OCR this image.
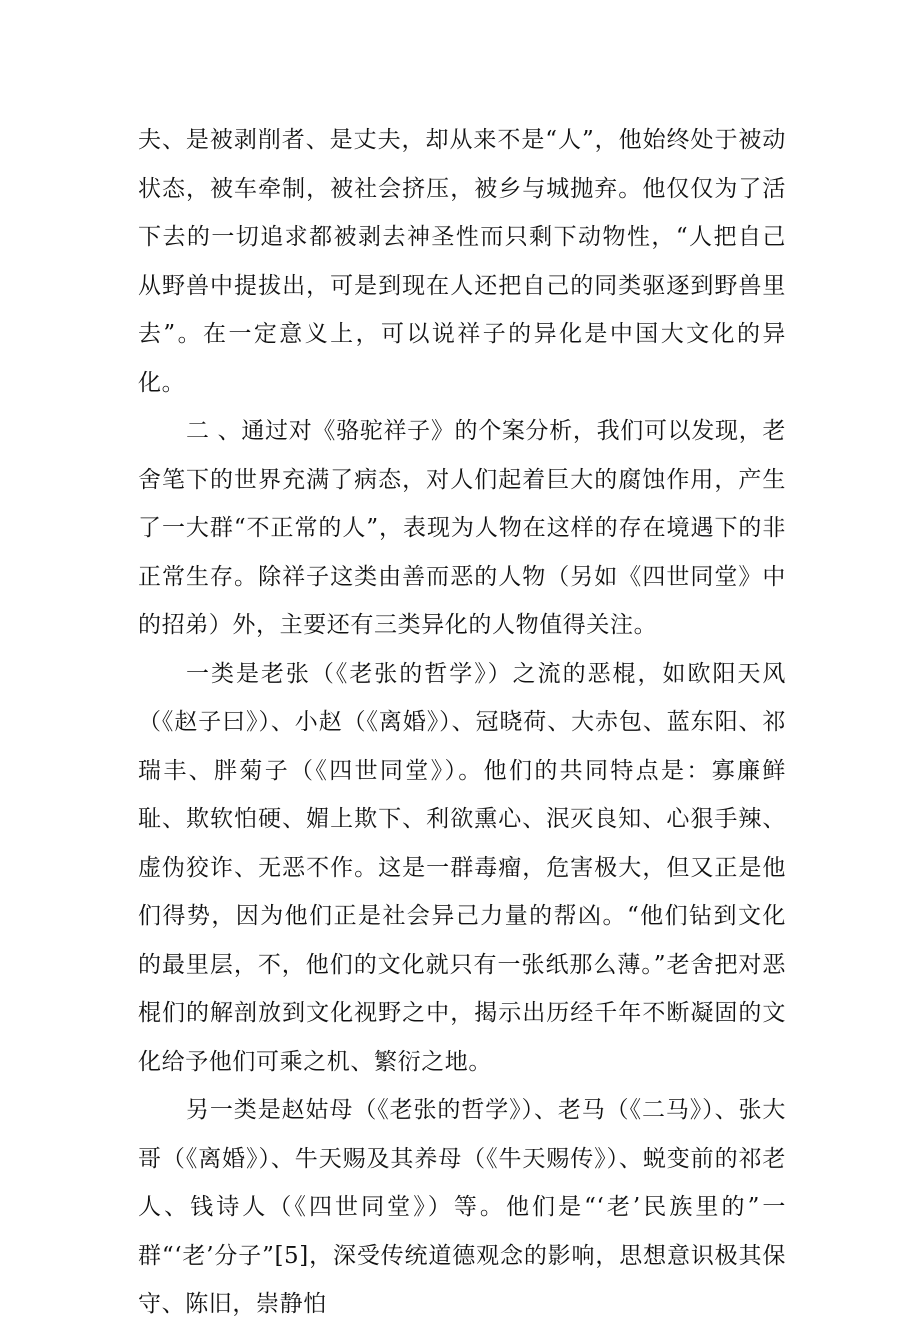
夫、是被剥削者、是丈夫，却从来不是“人”，他始终处于被动状态，被车牵制，被社会挤压，被乡与城抛弃。他仅仅为了活下去的一切追求都被剥去神圣性而只剩下动物性，“人把自己从野兽中提拔出，可是到现在人还把自己的同类驱逐到野兽里去”。在一定意义上，可以说祥子的异化是中国大文化的异化。

二 、通过对《骆驼祥子》的个案分析，我们可以发现，老舍笔下的世界充满了病态，对人们起着巨大的腐蚀作用，产生了一大群“不正常的人”，表现为人物在这样的存在境遇下的非正常生存。除祥子这类由善而恶的人物（另如《四世同堂》中的招弟）外，主要还有三类异化的人物值得关注。

一类是老张（《老张的哲学》）之流的恶棍，如欧阳天风（《赵子曰》）、小赵（《离婚》）、冠晓荷、大赤包、蓝东阳、祁瑞丰、胖菊子（《四世同堂》）。他们的共同特点是：寡廉鲜耻、欺软怕硬、媚上欺下、利欲熏心、泯灭良知、心狠手辣、虚伪狡诈、无恶不作。这是一群毒瘤，危害极大，但又正是他们得势，因为他们正是社会异己力量的帮凶。“他们钻到文化的最里层，不，他们的文化就只有一张纸那么薄。”老舍把对恶棍们的解剖放到文化视野之中，揭示出历经千年不断凝固的文化给予他们可乘之机、繁衍之地。

另一类是赵姑母（《老张的哲学》）、老马（《二马》）、张大哥（《离婚》）、牛天赐及其养母（《牛天赐传》）、蜕变前的祁老人、钱诗人（《四世同堂》）等。他们是“‘老’民族里的”一群“‘老’分子”[5]，深受传统道德观念的影响，思想意识极其保守、陈旧，崇静怕
